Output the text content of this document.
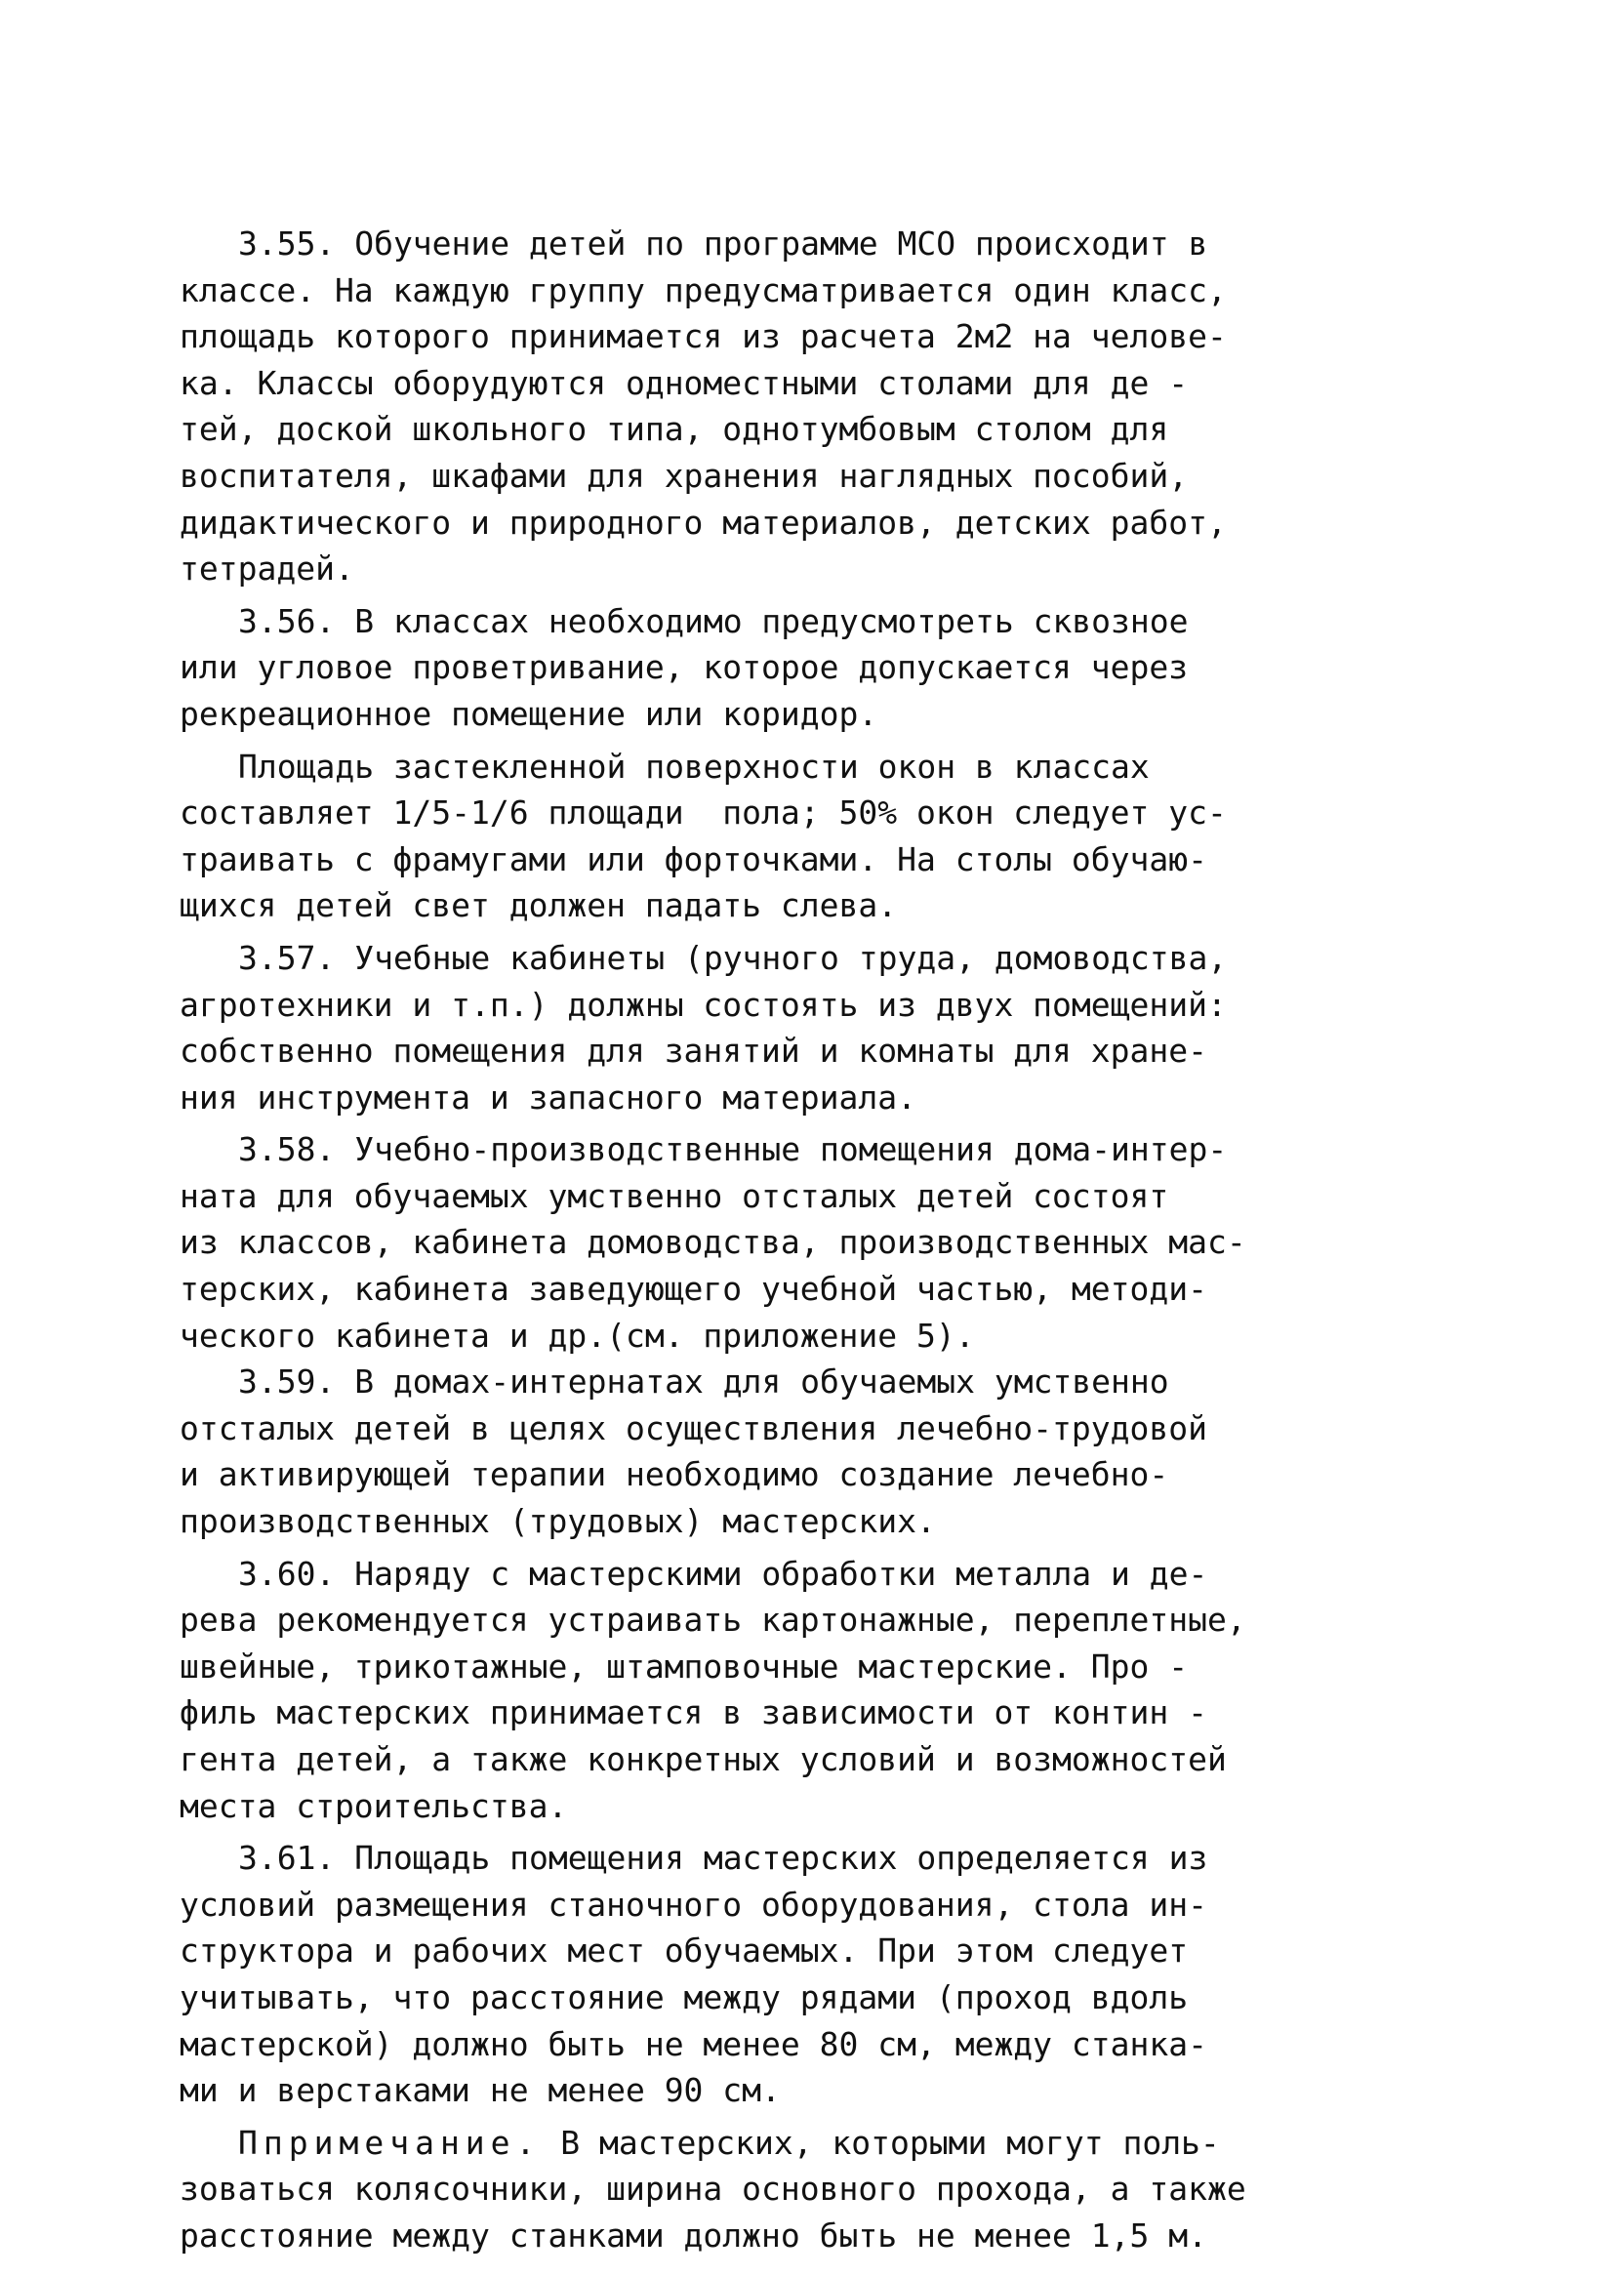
3.55. Обучение детей по программе МСО происходит в
классе. На каждую группу предусматривается один класс,
площадь которого принимается из расчета 2м2 на челове-
ка. Классы оборудуются одноместными столами для де -
тей, доской школьного типа, однотумбовым столом для
воспитателя, шкафами для хранения наглядных пособий,
дидактического и природного материалов, детских работ,
тетрадей.
3.56. В классах необходимо предусмотреть сквозное
или угловое проветривание, которое допускается через
рекреационное помещение или коридор.
Площадь застекленной поверхности окон в классах
составляет 1/5-1/6 площади  пола; 50% окон следует ус-
траивать с фрамугами или форточками. На столы обучаю-
щихся детей свет должен падать слева.
3.57. Учебные кабинеты (ручного труда, домоводства,
агротехники и т.п.) должны состоять из двух помещений:
собственно помещения для занятий и комнаты для хране-
ния инструмента и запасного материала.
3.58. Учебно-производственные помещения дома-интер-
ната для обучаемых умственно отсталых детей состоят
из классов, кабинета домоводства, производственных мас-
терских, кабинета заведующего учебной частью, методи-
ческого кабинета и др.(см. приложение 5).
3.59. В домах-интернатах для обучаемых умственно
отсталых детей в целях осуществления лечебно-трудовой
и активирующей терапии необходимо создание лечебно-
производственных (трудовых) мастерских.
3.60. Наряду с мастерскими обработки металла и де-
рева рекомендуется устраивать картонажные, переплетные,
швейные, трикотажные, штамповочные мастерские. Про -
филь мастерских принимается в зависимости от контин -
гента детей, а также конкретных условий и возможностей
места строительства.
3.61. Площадь помещения мастерских определяется из
условий размещения станочного оборудования, стола ин-
структора и рабочих мест обучаемых. При этом следует
учитывать, что расстояние между рядами (проход вдоль
мастерской) должно быть не менее 80 см, между станка-
ми и верстаками не менее 90 см.
Ппримечание. В мастерских, которыми могут поль-
зоваться колясочники, ширина основного прохода, а также
расстояние между станками должно быть не менее 1,5 м.
